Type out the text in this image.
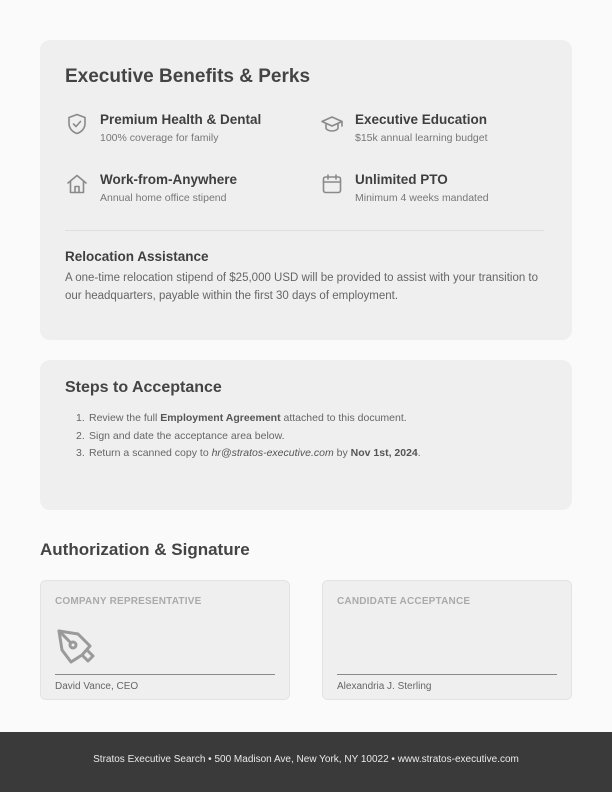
Executive Benefits & Perks
Premium Health & Dental
100% coverage for family
Executive Education
$15k annual learning budget
Work-from-Anywhere
Annual home office stipend
Unlimited PTO
Minimum 4 weeks mandated
Relocation Assistance
A one-time relocation stipend of $25,000 USD will be provided to assist with your transition to our headquarters, payable within the first 30 days of employment.
Steps to Acceptance
1. Review the full Employment Agreement attached to this document.
2. Sign and date the acceptance area below.
3. Return a scanned copy to hr@stratos-executive.com by Nov 1st, 2024.
Authorization & Signature
COMPANY REPRESENTATIVE
David Vance, CEO
CANDIDATE ACCEPTANCE
Alexandria J. Sterling
Stratos Executive Search • 500 Madison Ave, New York, NY 10022 • www.stratos-executive.com
